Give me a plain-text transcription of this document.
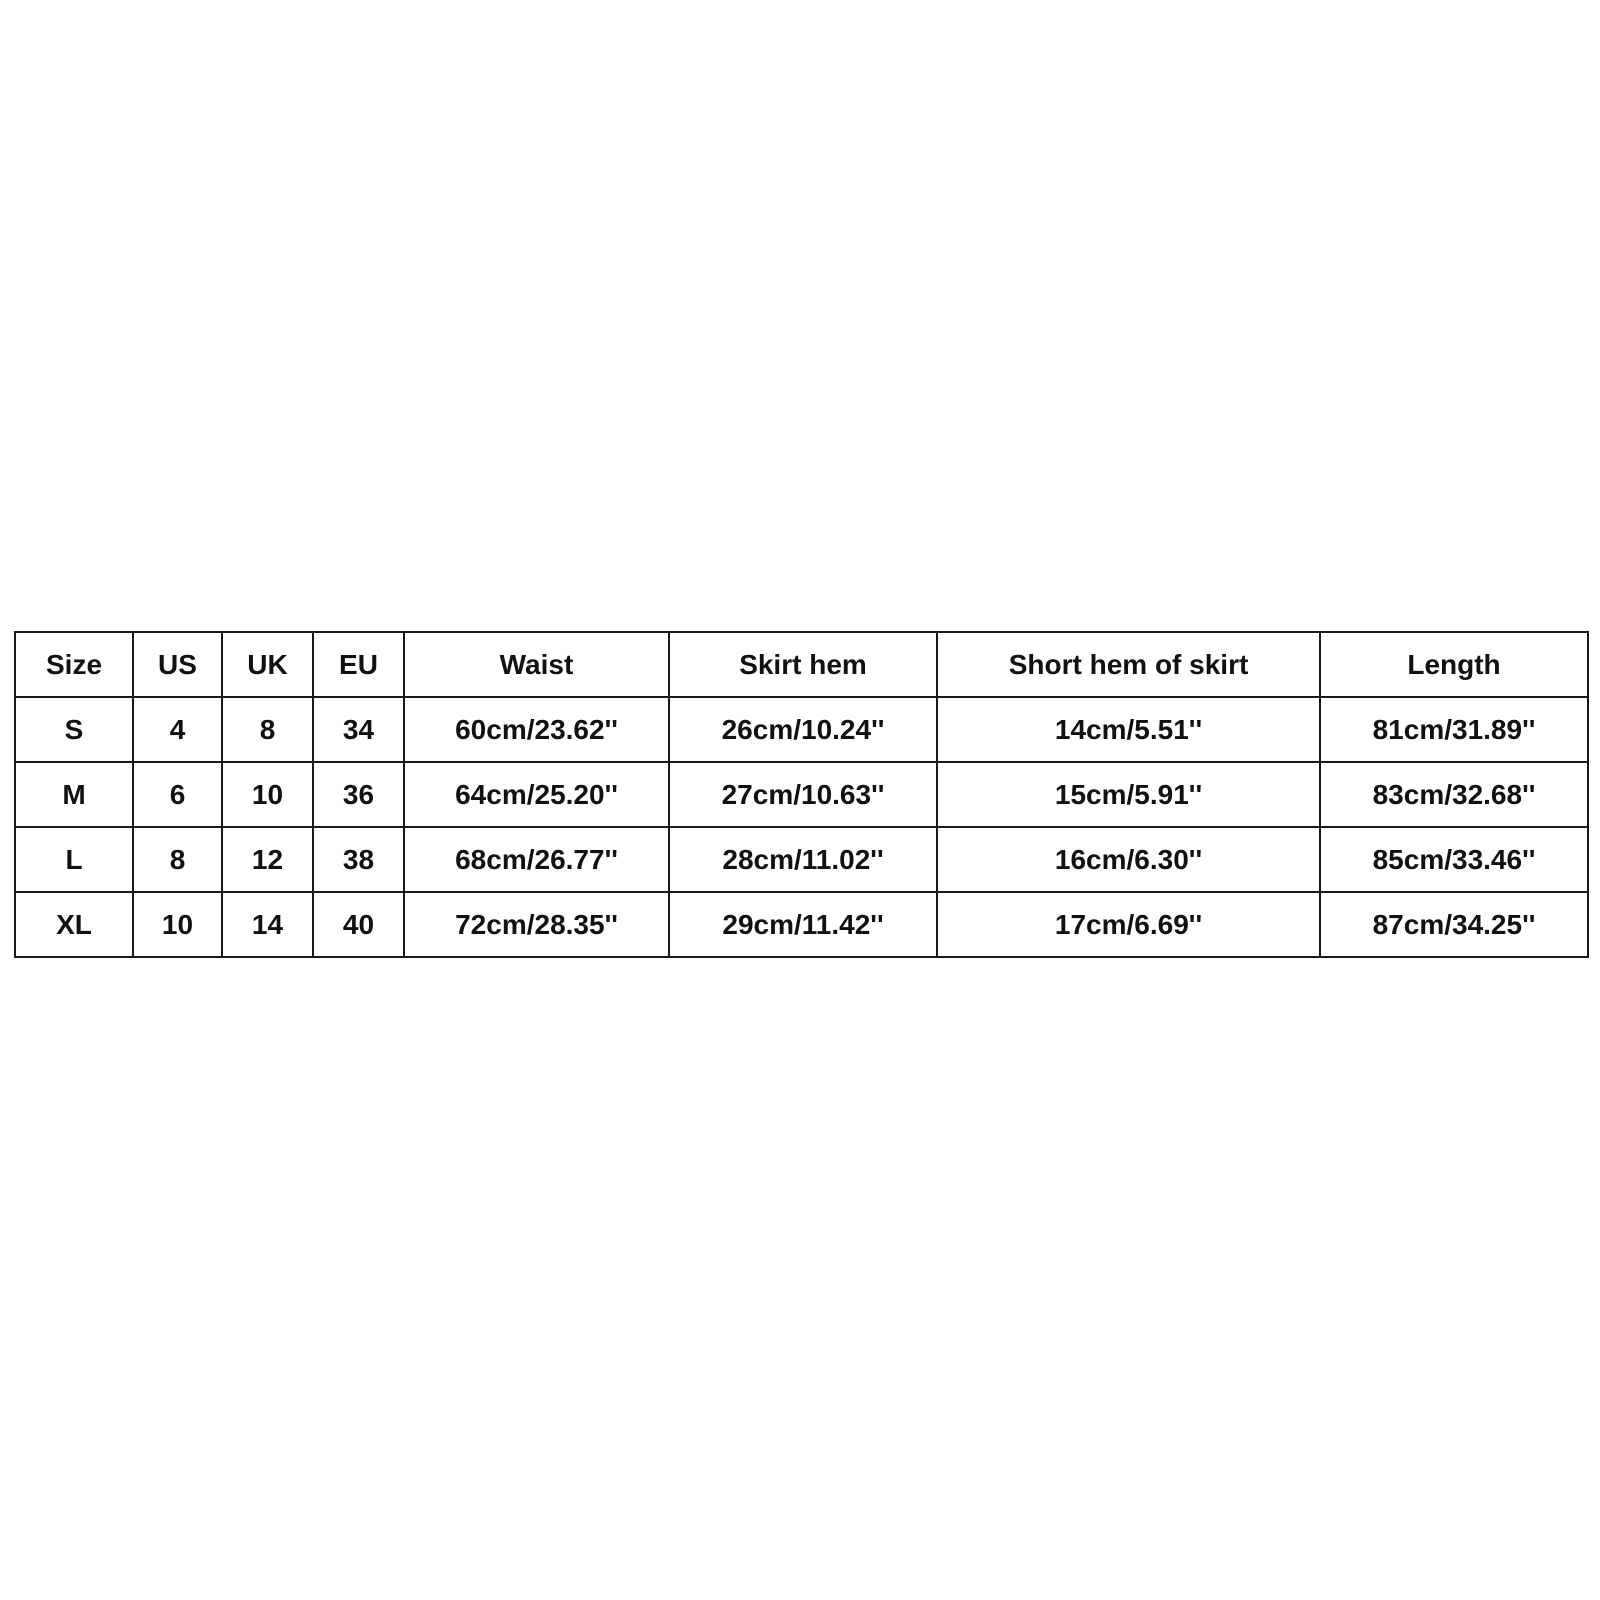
Size	US	UK	EU	Waist	Skirt hem	Short hem of skirt	Length
S	4	8	34	60cm/23.62''	26cm/10.24''	14cm/5.51''	81cm/31.89''
M	6	10	36	64cm/25.20''	27cm/10.63''	15cm/5.91''	83cm/32.68''
L	8	12	38	68cm/26.77''	28cm/11.02''	16cm/6.30''	85cm/33.46''
XL	10	14	40	72cm/28.35''	29cm/11.42''	17cm/6.69''	87cm/34.25''
